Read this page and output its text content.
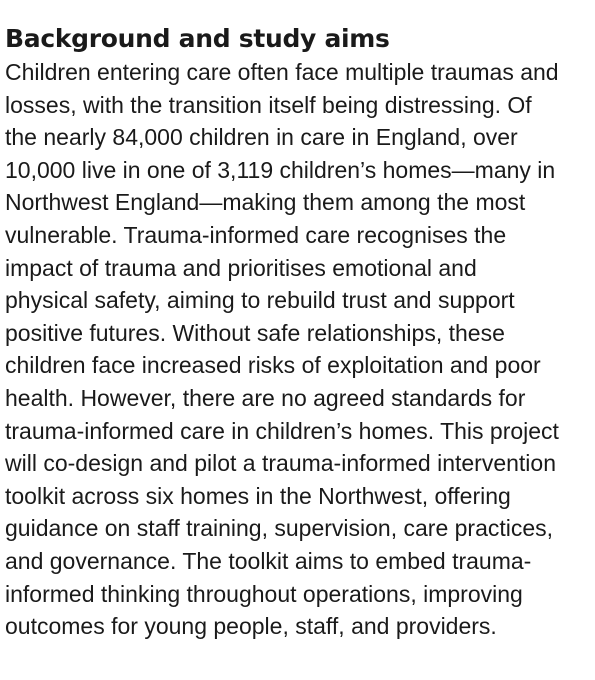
Background and study aims
Children entering care often face multiple traumas and
losses, with the transition itself being distressing. Of
the nearly 84,000 children in care in England, over
10,000 live in one of 3,119 children’s homes—many in
Northwest England—making them among the most
vulnerable. Trauma-informed care recognises the
impact of trauma and prioritises emotional and
physical safety, aiming to rebuild trust and support
positive futures. Without safe relationships, these
children face increased risks of exploitation and poor
health. However, there are no agreed standards for
trauma-informed care in children’s homes. This project
will co-design and pilot a trauma-informed intervention
toolkit across six homes in the Northwest, offering
guidance on staff training, supervision, care practices,
and governance. The toolkit aims to embed trauma-
informed thinking throughout operations, improving
outcomes for young people, staff, and providers.
